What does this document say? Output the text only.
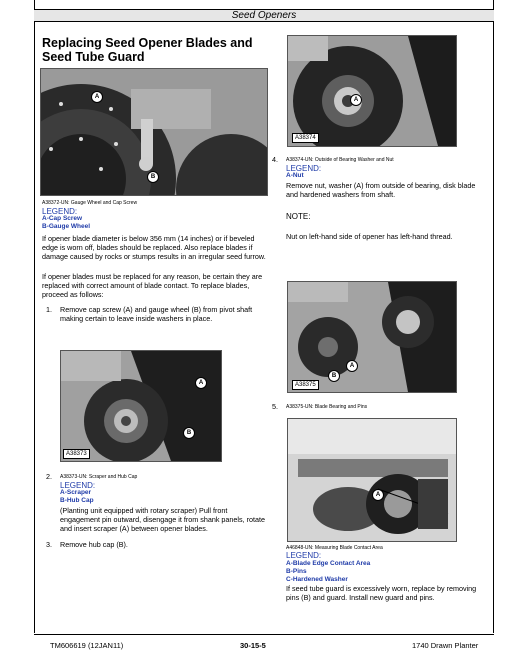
Seed Openers
Replacing Seed Opener Blades and Seed Tube Guard
A
B
A38372-UN: Gauge Wheel and Cap Screw
LEGEND:
A-Cap Screw
B-Gauge Wheel
If opener blade diameter is below 356 mm (14 inches) or if beveled edge is worn off, blades should be replaced. Also replace blades if damage caused by rocks or stumps results in an irregular seed furrow.
If opener blades must be replaced for any reason, be certain they are replaced with correct amount of blade contact. To replace blades, proceed as follows:
1. Remove cap screw (A) and gauge wheel (B) from pivot shaft making certain to leave inside washers in place.
A
B
A38373
2. A38373-UN: Scraper and Hub Cap
LEGEND:
A-Scraper
B-Hub Cap
(Planting unit equipped with rotary scraper) Pull front engagement pin outward, disengage it from shank panels, rotate and insert scraper (A) between opener blades.
3. Remove hub cap (B).
A
A38374
4. A38374-UN: Outside of Bearing Washer and Nut
LEGEND:
A-Nut
Remove nut, washer (A) from outside of bearing, disk blade and hardened washers from shaft.
NOTE:
Nut on left-hand side of opener has left-hand thread.
A
B
A38375
5. A38375-UN: Blade Bearing and Pins
A
A46848-UN: Measuring Blade Contact Area
LEGEND:
A-Blade Edge Contact Area
B-Pins
C-Hardened Washer
If seed tube guard is excessively worn, replace by removing pins (B) and guard. Install new guard and pins.
TM606619 (12JAN11)	30-15-5	1740 Drawn Planter
